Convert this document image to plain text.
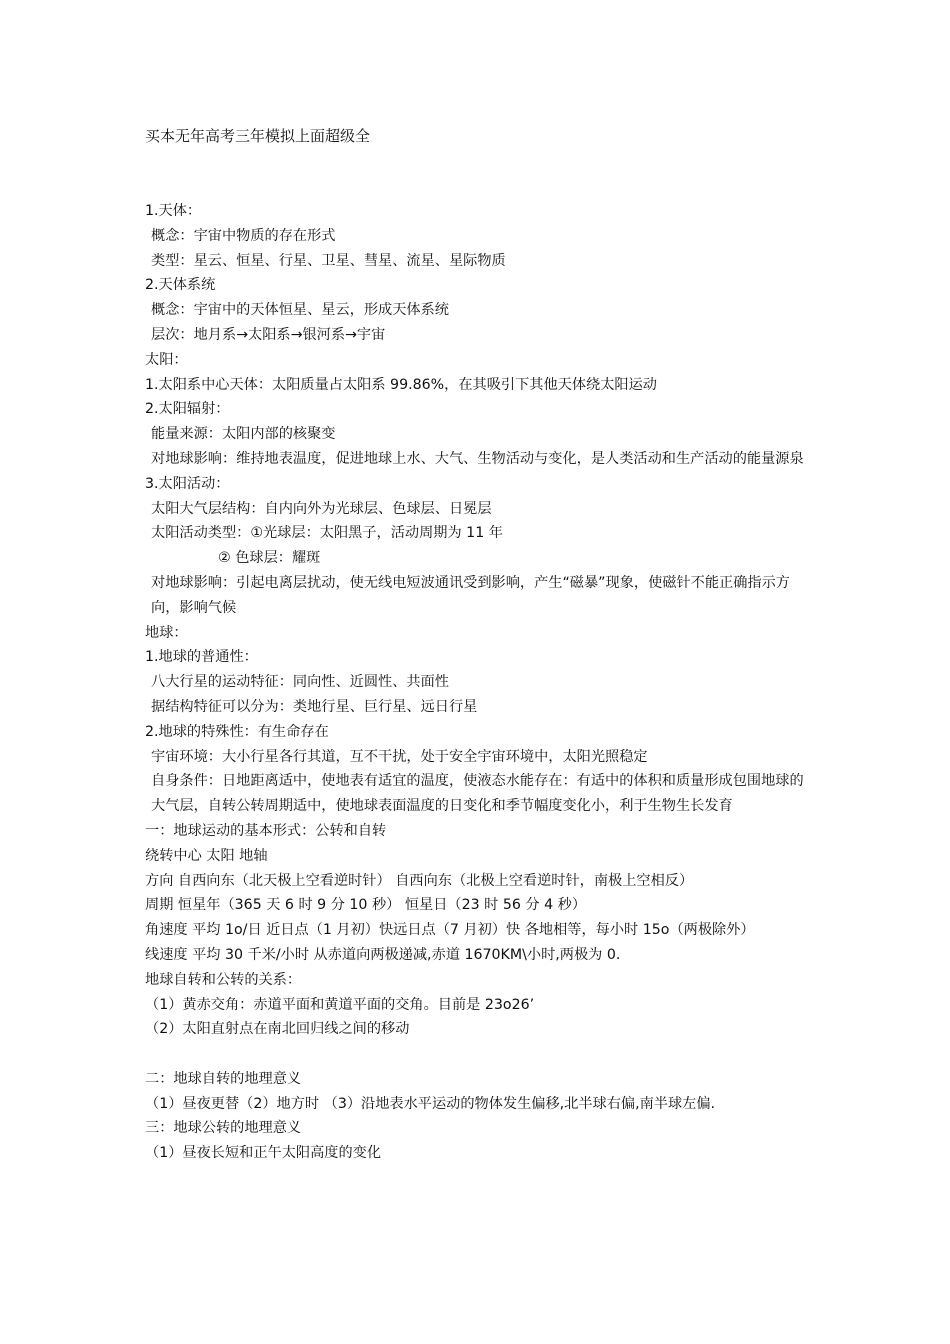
买本无年高考三年模拟上面超级全
1.天体：
概念：宇宙中物质的存在形式
类型：星云、恒星、行星、卫星、彗星、流星、星际物质
2.天体系统
概念：宇宙中的天体恒星、星云，形成天体系统
层次：地月系→太阳系→银河系→宇宙
太阳：
1.太阳系中心天体：太阳质量占太阳系 99.86%，在其吸引下其他天体绕太阳运动
2.太阳辐射：
能量来源：太阳内部的核聚变
对地球影响：维持地表温度，促进地球上水、大气、生物活动与变化，是人类活动和生产活动的能量源泉
3.太阳活动：
太阳大气层结构：自内向外为光球层、色球层、日冕层
太阳活动类型：①光球层：太阳黑子，活动周期为 11 年
② 色球层：耀斑
对地球影响：引起电离层扰动，使无线电短波通讯受到影响，产生“磁暴”现象，使磁针不能正确指示方向，影响气候
地球：
1.地球的普通性：
八大行星的运动特征：同向性、近圆性、共面性
据结构特征可以分为：类地行星、巨行星、远日行星
2.地球的特殊性：有生命存在
宇宙环境：大小行星各行其道，互不干扰，处于安全宇宙环境中，太阳光照稳定
自身条件：日地距离适中，使地表有适宜的温度，使液态水能存在：有适中的体积和质量形成包围地球的大气层，自转公转周期适中，使地球表面温度的日变化和季节幅度变化小，利于生物生长发育
一：地球运动的基本形式：公转和自转
绕转中心 太阳 地轴
方向 自西向东（北天极上空看逆时针） 自西向东（北极上空看逆时针，南极上空相反）
周期 恒星年（365 天 6 时 9 分 10 秒） 恒星日（23 时 56 分 4 秒）
角速度 平均 1o/日 近日点（1 月初）快远日点（7 月初）快 各地相等，每小时 15o（两极除外）
线速度 平均 30 千米/小时 从赤道向两极递减,赤道 1670KM\小时,两极为 0.
地球自转和公转的关系：
（1）黄赤交角：赤道平面和黄道平面的交角。目前是 23o26’
（2）太阳直射点在南北回归线之间的移动
二：地球自转的地理意义
（1）昼夜更替（2）地方时 （3）沿地表水平运动的物体发生偏移,北半球右偏,南半球左偏.
三：地球公转的地理意义
（1）昼夜长短和正午太阳高度的变化
